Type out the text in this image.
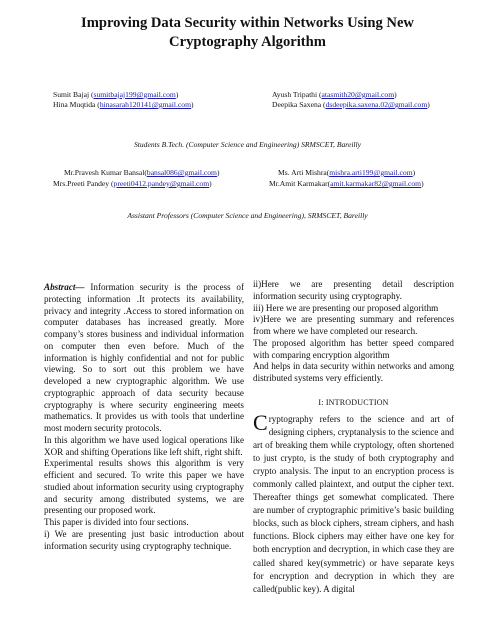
Improving Data Security within Networks Using New
Cryptography Algorithm
Sumit Bajaj (sumitbajaj199@gmail.com)
Hina Muqtida (hinasarah120141@gmail.com)
Ayush Tripathi (atasmith20@gmail.com)
Deepika Saxena (dsdeepika.saxena.02@gmail.com)
Students B.Tech. (Computer Science and Engineering) SRMSCET, Bareilly
Mr.Pravesh Kumar Bansal(bansal086@gmail.com)
Mrs.Preeti Pandey (preeti0412.pandey@gmail.com)
Ms. Arti Mishra(mishra.arti199@gmail.com)
Mr.Amit Karmakar(amit.karmakar82@gmail.com)
Assistant Professors (Computer Science and Engineering), SRMSCET, Bareilly

Abstract— Information security is the process of protecting information .It protects its availability, privacy and integrity .Access to stored information on computer databases has increased greatly. More company’s stores business and individual information on computer then even before. Much of the information is highly confidential and not for public viewing. So to sort out this problem we have developed a new cryptographic algorithm. We use cryptographic approach of data security because cryptography is where security engineering meets mathematics. It provides us with tools that underline most modern security protocols.

In this algorithm we have used logical operations like XOR and shifting Operations like left shift, right shift.

Experimental results shows this algorithm is very efficient and secured. To write this paper we have studied about information security using cryptography and security among distributed systems, we are presenting our proposed work.

This paper is divided into four sections.

i) We are presenting just basic introduction about information security using cryptography technique.

ii)Here we are presenting detail description information security using cryptography.

iii) Here we are presenting our proposed algorithm

iv)Here we are presenting summary and references from where we have completed our research.

The proposed algorithm has better speed compared with comparing encryption algorithm

And helps in data security within networks and among distributed systems very efficiently.

I: INTRODUCTION

Cryptography refers to the science and art of designing ciphers, cryptanalysis to the science and art of breaking them while cryptology, often shortened to just crypto, is the study of both cryptography and crypto analysis. The input to an encryption process is commonly called plaintext, and output the cipher text. Thereafter things get somewhat complicated. There are number of cryptographic primitive’s basic building blocks, such as block ciphers, stream ciphers, and hash functions. Block ciphers may either have one key for both encryption and decryption, in which case they are called shared key(symmetric) or have separate keys for encryption and decryption in which they are called(public key). A digital
